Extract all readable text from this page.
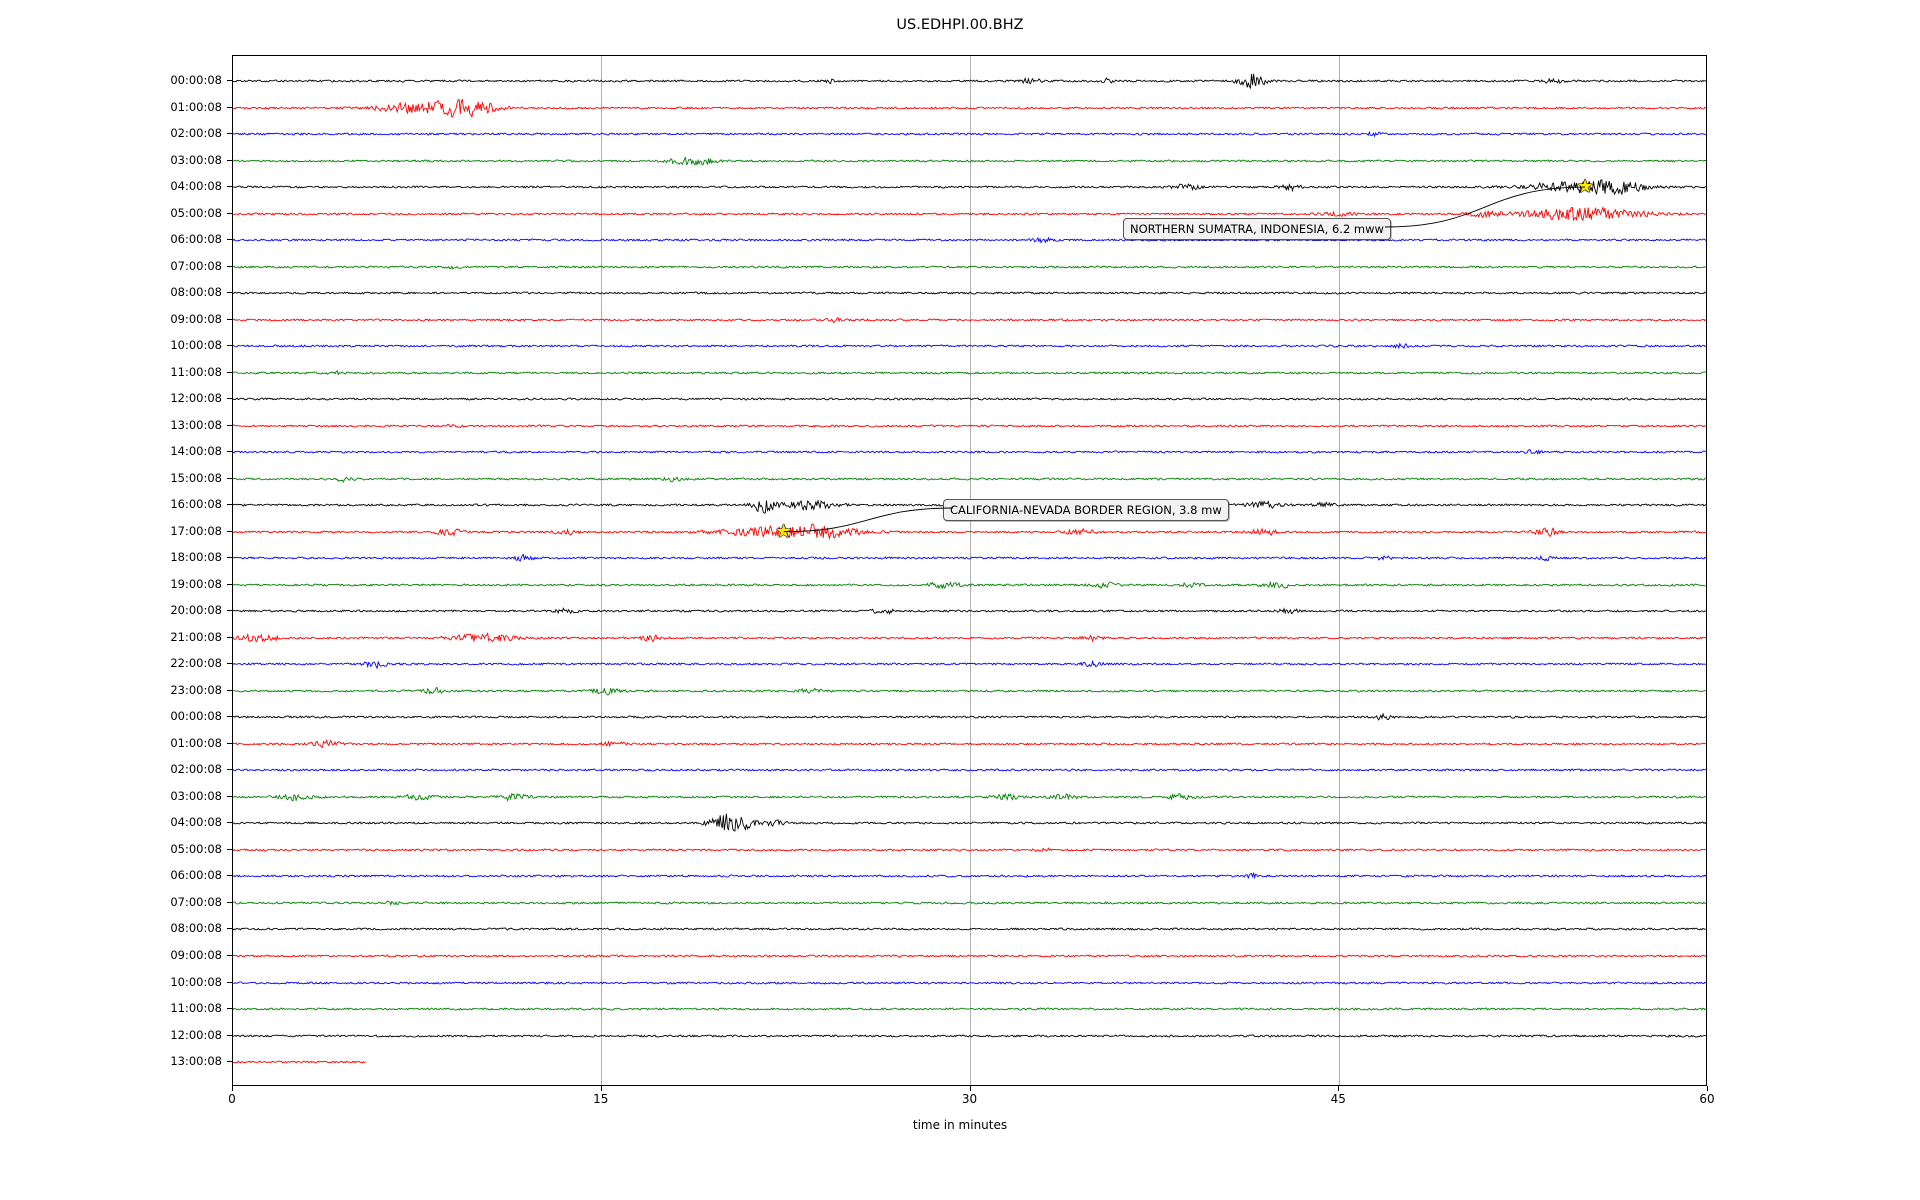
US.EDHPI.00.BHZ
★
NORTHERN SUMATRA, INDONESIA, 6.2 mww
★
CALIFORNIA-NEVADA BORDER REGION, 3.8 mw
00:00:08
01:00:08
02:00:08
03:00:08
04:00:08
05:00:08
06:00:08
07:00:08
08:00:08
09:00:08
10:00:08
11:00:08
12:00:08
13:00:08
14:00:08
15:00:08
16:00:08
17:00:08
18:00:08
19:00:08
20:00:08
21:00:08
22:00:08
23:00:08
00:00:08
01:00:08
02:00:08
03:00:08
04:00:08
05:00:08
06:00:08
07:00:08
08:00:08
09:00:08
10:00:08
11:00:08
12:00:08
13:00:08
0	15	30	45	60
time in minutes
